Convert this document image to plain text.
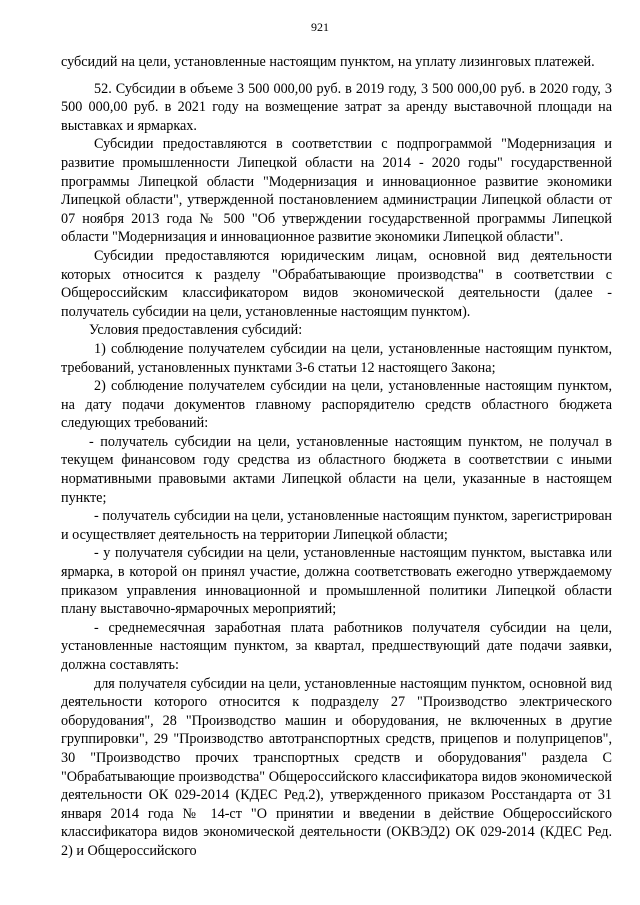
921

субсидий на цели, установленные настоящим пунктом, на уплату лизинговых платежей.

52. Субсидии в объеме 3 500 000,00 руб. в 2019 году, 3 500 000,00 руб. в 2020 году, 3 500 000,00 руб. в 2021 году на возмещение затрат за аренду выставочной площади на выставках и ярмарках.

Субсидии предоставляются в соответствии с подпрограммой "Модернизация и развитие промышленности Липецкой области на 2014 - 2020 годы" государственной программы Липецкой области "Модернизация и инновационное развитие экономики Липецкой области", утвержденной постановлением администрации Липецкой области от 07 ноября 2013 года № 500 "Об утверждении государственной программы Липецкой области "Модернизация и инновационное развитие экономики Липецкой области".

Субсидии предоставляются юридическим лицам, основной вид деятельности которых относится к разделу "Обрабатывающие производства" в соответствии с Общероссийским классификатором видов экономической деятельности (далее - получатель субсидии на цели, установленные настоящим пунктом).

Условия предоставления субсидий:

1) соблюдение получателем субсидии на цели, установленные настоящим пунктом, требований, установленных пунктами 3-6 статьи 12 настоящего Закона;

2) соблюдение получателем субсидии на цели, установленные настоящим пунктом, на дату подачи документов главному распорядителю средств областного бюджета следующих требований:

- получатель субсидии на цели, установленные настоящим пунктом, не получал в текущем финансовом году средства из областного бюджета в соответствии с иными нормативными правовыми актами Липецкой области на цели, указанные в настоящем пункте;

- получатель субсидии на цели, установленные настоящим пунктом, зарегистрирован и осуществляет деятельность на территории Липецкой области;

- у получателя субсидии на цели, установленные настоящим пунктом, выставка или ярмарка, в которой он принял участие, должна соответствовать ежегодно утверждаемому приказом управления инновационной и промышленной политики Липецкой области плану выставочно-ярмарочных мероприятий;

- среднемесячная заработная плата работников получателя субсидии на цели, установленные настоящим пунктом, за квартал, предшествующий дате подачи заявки, должна составлять:

для получателя субсидии на цели, установленные настоящим пунктом, основной вид деятельности которого относится к подразделу 27 "Производство электрического оборудования", 28 "Производство машин и оборудования, не включенных в другие группировки", 29 "Производство автотранспортных средств, прицепов и полуприцепов", 30 "Производство прочих транспортных средств и оборудования" раздела С "Обрабатывающие производства" Общероссийского классификатора видов экономической деятельности ОК 029-2014 (КДЕС Ред.2), утвержденного приказом Росстандарта от 31 января 2014 года № 14-ст "О принятии и введении в действие Общероссийского классификатора видов экономической деятельности (ОКВЭД2) ОК 029-2014 (КДЕС Ред. 2) и Общероссийского
